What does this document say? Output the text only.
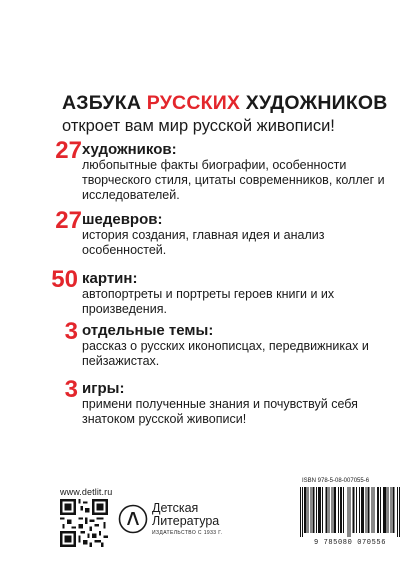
АЗБУКА РУССКИХ ХУДОЖНИКОВ
откроет вам мир русской живописи!
27 художников:
любопытные факты биографии, особенности творческого стиля, цитаты современников, коллег и исследователей.
27 шедевров:
история создания, главная идея и анализ особенностей.
50 картин:
автопортреты и портреты героев книги и их произведения.
3 отдельные темы:
рассказ о русских иконописцах, передвижниках и пейзажистах.
3 игры:
примени полученные знания и почувствуй себя знатоком русской живописи!
www.detlit.ru
Детская
Литература
ИЗДАТЕЛЬСТВО С 1933 Г.
ISBN 978-5-08-007055-6
9 785080 070556
